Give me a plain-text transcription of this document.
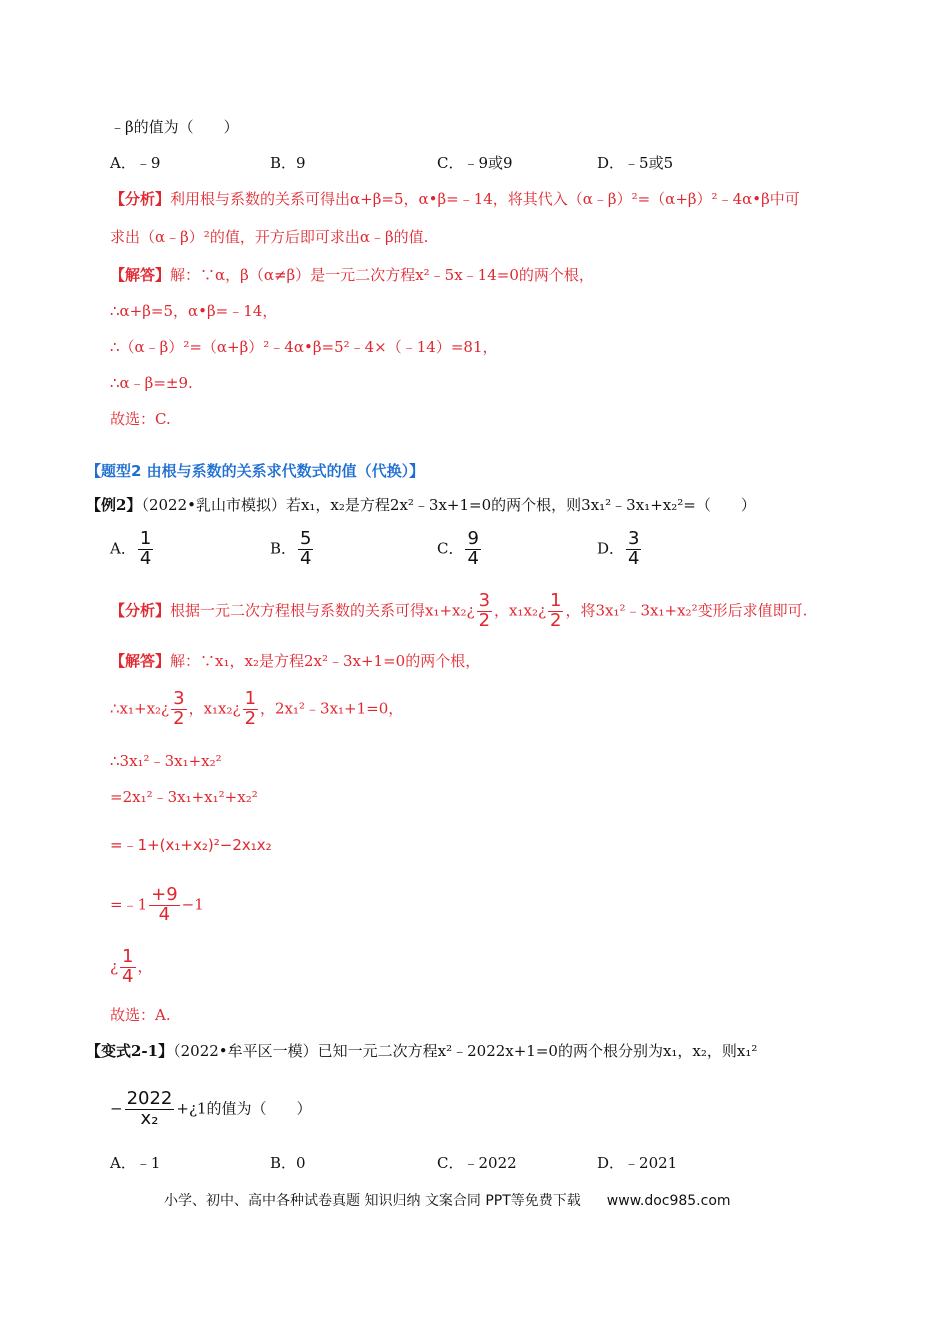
﹣β的值为（　　）
A．﹣9	B．9	C．﹣9或9	D．﹣5或5
【分析】利用根与系数的关系可得出α+β=5，α•β=﹣14，将其代入（α﹣β）²=（α+β）²﹣4α•β中可
求出（α﹣β）²的值，开方后即可求出α﹣β的值.
【解答】解：∵α，β（α≠β）是一元二次方程x²﹣5x﹣14=0的两个根，
∴α+β=5，α•β=﹣14，
∴（α﹣β）²=（α+β）²﹣4α•β=5²﹣4×（﹣14）=81，
∴α﹣β=±9.
故选：C.
【题型2 由根与系数的关系求代数式的值（代换）】
【例2】（2022•乳山市模拟）若x₁，x₂是方程2x²﹣3x+1=0的两个根，则3x₁²﹣3x₁+x₂²=（　　）
A． $\frac{1}{4}$	B． $\frac{5}{4}$	C． $\frac{9}{4}$	D． $\frac{3}{4}$
【分析】根据一元二次方程根与系数的关系可得x₁+x₂¿ $\frac{3}{2}$ ，x₁x₂¿ $\frac{1}{2}$ ，将3x₁²﹣3x₁+x₂²变形后求值即可.
【解答】解：∵x₁，x₂是方程2x²﹣3x+1=0的两个根，
∴x₁+x₂¿ $\frac{3}{2}$ ，x₁x₂¿ $\frac{1}{2}$ ，2x₁²﹣3x₁+1=0，
∴3x₁²﹣3x₁+x₂²
=2x₁²﹣3x₁+x₁²+x₂²
=﹣1+(x₁+x₂)²−2x₁x₂
=﹣1 $\frac{+9}{4} -1$
¿ $\frac{1}{4}$ ，
故选：A.
【变式2-1】（2022•牟平区一模）已知一元二次方程x²﹣2022x+1=0的两个根分别为x₁，x₂，则x₁²
− $\frac{2022}{\text{x₂}}$ +¿1的值为（　　）
A．﹣1	B．0	C．﹣2022	D．﹣2021
小学、初中、高中各种试卷真题 知识归纳 文案合同 PPT等免费下载 www.doc985.com
